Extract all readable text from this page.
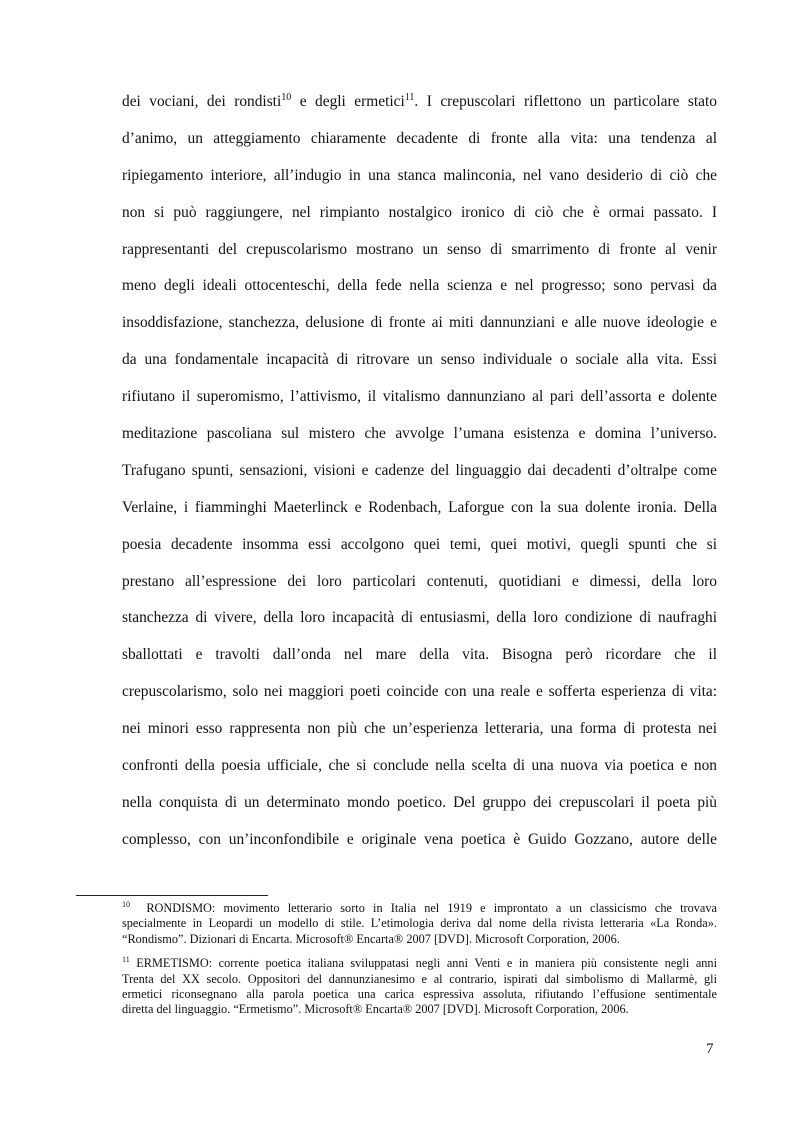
dei vociani, dei rondisti$^{10}$ e degli ermetici$^{11}$. I crepuscolari riflettono un particolare stato
d’animo, un atteggiamento chiaramente decadente di fronte alla vita: una tendenza al
ripiegamento interiore, all’indugio in una stanca malinconia, nel vano desiderio di ciò che
non si può raggiungere, nel rimpianto nostalgico ironico di ciò che è ormai passato. I
rappresentanti del crepuscolarismo mostrano un senso di smarrimento di fronte al venir
meno degli ideali ottocenteschi, della fede nella scienza e nel progresso; sono pervasi da
insoddisfazione, stanchezza, delusione di fronte ai miti dannunziani e alle nuove ideologie e
da una fondamentale incapacità di ritrovare un senso individuale o sociale alla vita. Essi
rifiutano il superomismo, l’attivismo, il vitalismo dannunziano al pari dell’assorta e dolente
meditazione pascoliana sul mistero che avvolge l’umana esistenza e domina l’universo.
Trafugano spunti, sensazioni, visioni e cadenze del linguaggio dai decadenti d’oltralpe come
Verlaine, i fiamminghi Maeterlinck e Rodenbach, Laforgue con la sua dolente ironia. Della
poesia decadente insomma essi accolgono quei temi, quei motivi, quegli spunti che si
prestano all’espressione dei loro particolari contenuti, quotidiani e dimessi, della loro
stanchezza di vivere, della loro incapacità di entusiasmi, della loro condizione di naufraghi
sballottati e travolti dall’onda nel mare della vita. Bisogna però ricordare che il
crepuscolarismo, solo nei maggiori poeti coincide con una reale e sofferta esperienza di vita:
nei minori esso rappresenta non più che un’esperienza letteraria, una forma di protesta nei
confronti della poesia ufficiale, che si conclude nella scelta di una nuova via poetica e non
nella conquista di un determinato mondo poetico. Del gruppo dei crepuscolari il poeta più
complesso, con un’inconfondibile e originale vena poetica è Guido Gozzano, autore delle
$^{10}$ RONDISMO: movimento letterario sorto in Italia nel 1919 e improntato a un classicismo che trovava
specialmente in Leopardi un modello di stile. L’etimologia deriva dal nome della rivista letteraria «La Ronda».
“Rondismo”. Dizionari di Encarta. Microsoft® Encarta® 2007 [DVD]. Microsoft Corporation, 2006.
$^{11}$ ERMETISMO: corrente poetica italiana sviluppatasi negli anni Venti e in maniera più consistente negli anni
Trenta del XX secolo. Oppositori del dannunzianesimo e al contrario, ispirati dal simbolismo di Mallarmè, gli
ermetici riconsegnano alla parola poetica una carica espressiva assoluta, rifiutando l’effusione sentimentale
diretta del linguaggio. “Ermetismo”. Microsoft® Encarta® 2007 [DVD]. Microsoft Corporation, 2006.
7
